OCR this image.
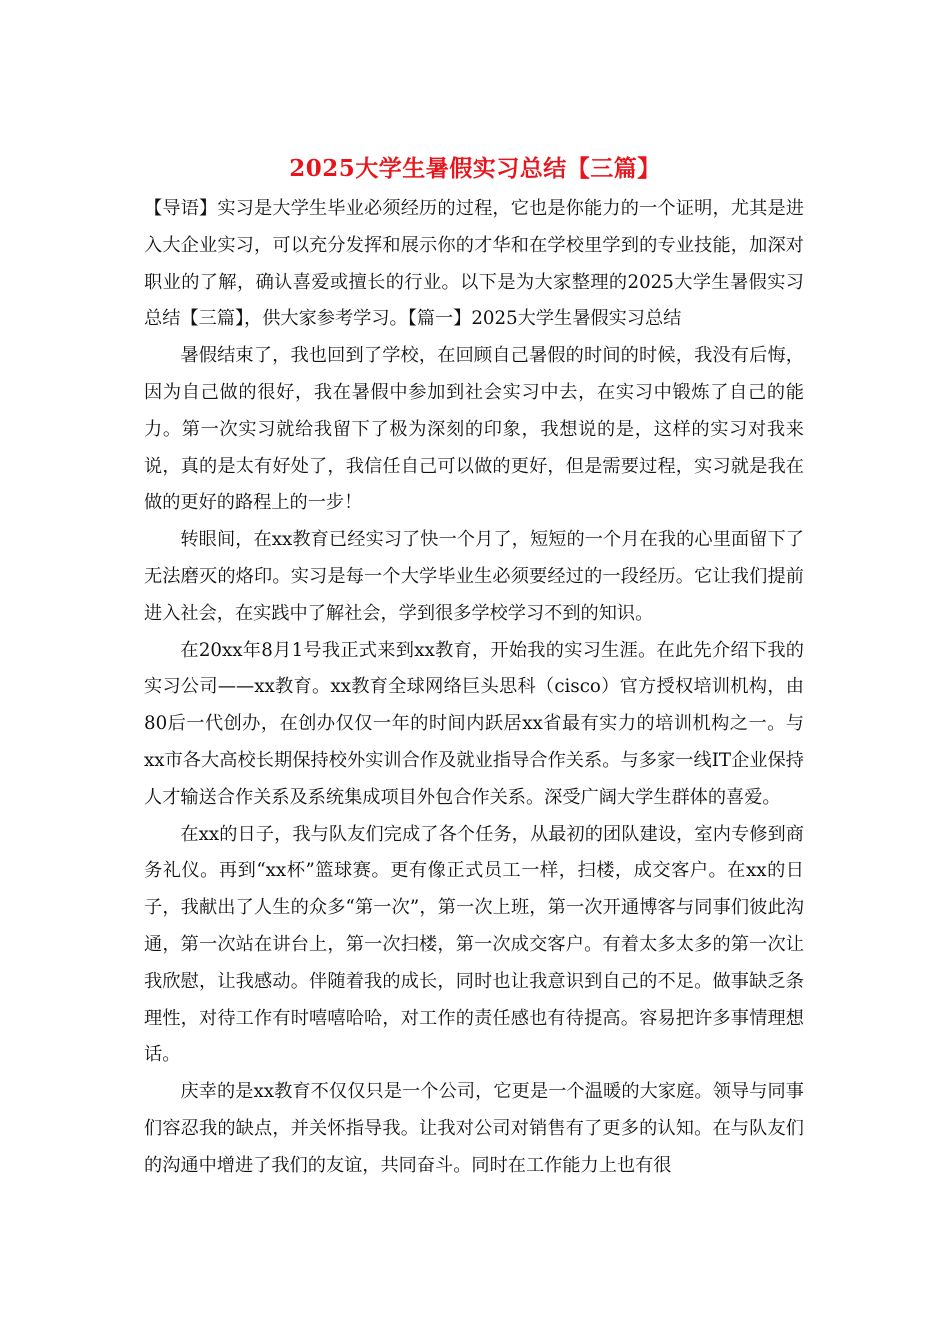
2025大学生暑假实习总结【三篇】

【导语】实习是大学生毕业必须经历的过程，它也是你能力的一个证明，尤其是进入大企业实习，可以充分发挥和展示你的才华和在学校里学到的专业技能，加深对职业的了解，确认喜爱或擅长的行业。以下是为大家整理的2025大学生暑假实习总结【三篇】，供大家参考学习。【篇一】2025大学生暑假实习总结

暑假结束了，我也回到了学校，在回顾自己暑假的时间的时候，我没有后悔，因为自己做的很好，我在暑假中参加到社会实习中去，在实习中锻炼了自己的能力。第一次实习就给我留下了极为深刻的印象，我想说的是，这样的实习对我来说，真的是太有好处了，我信任自己可以做的更好，但是需要过程，实习就是我在做的更好的路程上的一步！

转眼间，在xx教育已经实习了快一个月了，短短的一个月在我的心里面留下了无法磨灭的烙印。实习是每一个大学毕业生必须要经过的一段经历。它让我们提前进入社会，在实践中了解社会，学到很多学校学习不到的知识。

在20xx年8月1号我正式来到xx教育，开始我的实习生涯。在此先介绍下我的实习公司——xx教育。xx教育全球网络巨头思科（cisco）官方授权培训机构，由80后一代创办，在创办仅仅一年的时间内跃居xx省最有实力的培训机构之一。与xx市各大高校长期保持校外实训合作及就业指导合作关系。与多家一线IT企业保持人才输送合作关系及系统集成项目外包合作关系。深受广阔大学生群体的喜爱。

在xx的日子，我与队友们完成了各个任务，从最初的团队建设，室内专修到商务礼仪。再到“xx杯”篮球赛。更有像正式员工一样，扫楼，成交客户。在xx的日子，我献出了人生的众多“第一次”，第一次上班，第一次开通博客与同事们彼此沟通，第一次站在讲台上，第一次扫楼，第一次成交客户。有着太多太多的第一次让我欣慰，让我感动。伴随着我的成长，同时也让我意识到自己的不足。做事缺乏条理性，对待工作有时嘻嘻哈哈，对工作的责任感也有待提高。容易把许多事情理想话。

庆幸的是xx教育不仅仅只是一个公司，它更是一个温暖的大家庭。领导与同事们容忍我的缺点，并关怀指导我。让我对公司对销售有了更多的认知。在与队友们的沟通中增进了我们的友谊，共同奋斗。同时在工作能力上也有很
